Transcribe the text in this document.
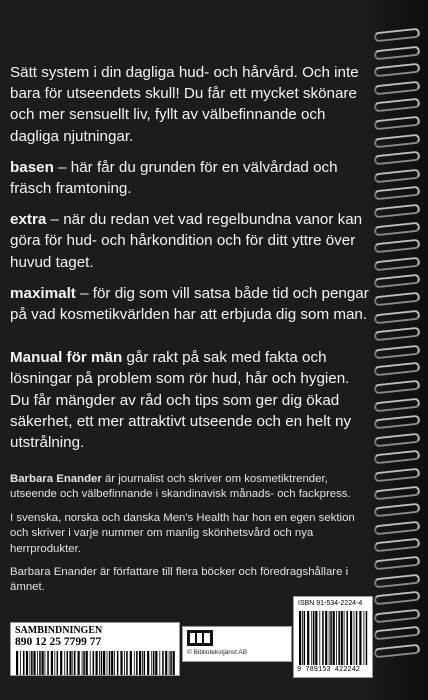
Sätt system i din dagliga hud- och hårvård. Och inte bara för utseendets skull! Du får ett mycket skönare och mer sensuellt liv, fyllt av välbefinnande och dagliga njutningar.

basen – här får du grunden för en välvårdad och fräsch framtoning.

extra – när du redan vet vad regelbundna vanor kan göra för hud- och hårkondition och för ditt yttre över huvud taget.

maximalt – för dig som vill satsa både tid och pengar på vad kosmetikvärlden har att erbjuda dig som man.

Manual för män går rakt på sak med fakta och lösningar på problem som rör hud, hår och hygien. Du får mängder av råd och tips som ger dig ökad säkerhet, ett mer attraktivt utseende och en helt ny utstrålning.

Barbara Enander är journalist och skriver om kosmetiktrender, utseende och välbefinnande i skandinavisk månads- och fackpress.

I svenska, norska och danska Men's Health har hon en egen sektion och skriver i varje nummer om manlig skönhetsvård och nya herrprodukter.

Barbara Enander är författare till flera böcker och föredragshållare i ämnet.

SAMBINDNINGEN
890 12 25 7799 77
© Bibliotekstjänst AB
ISBN 91-534-2224-4
9 789153 422242
